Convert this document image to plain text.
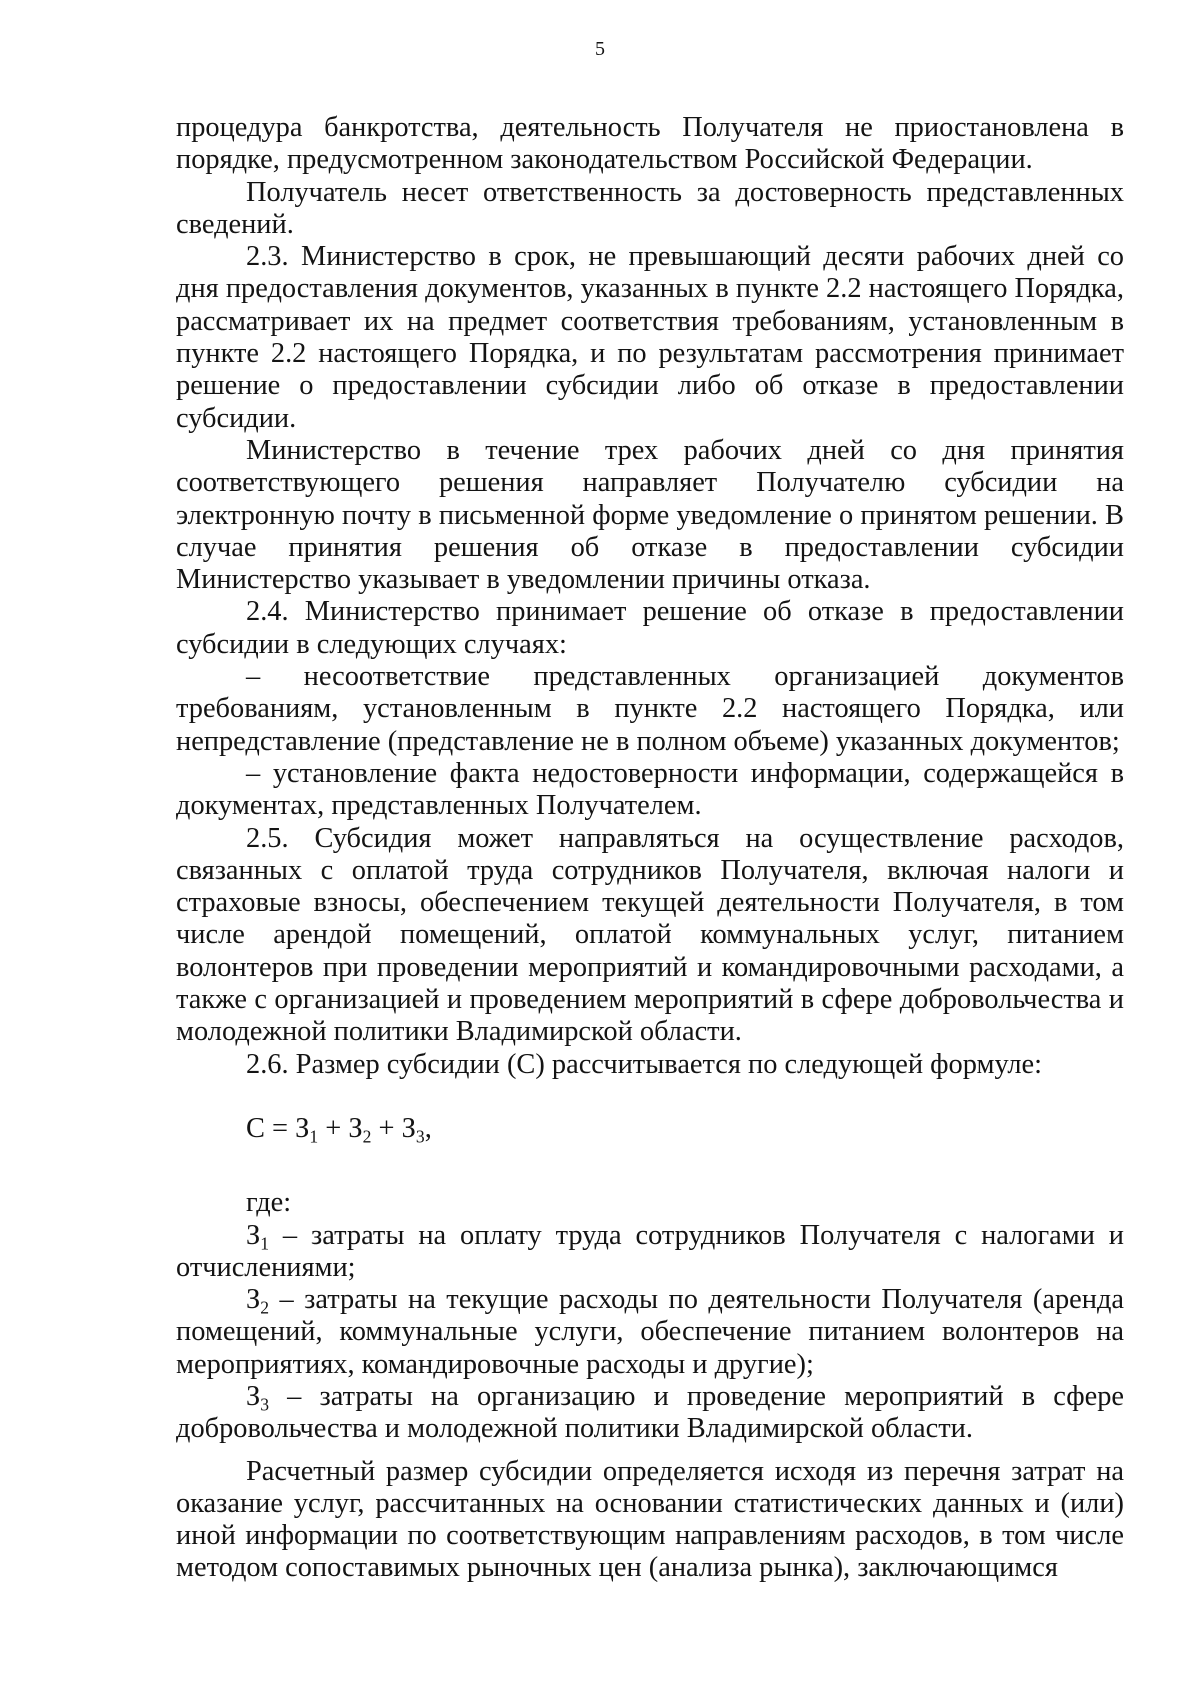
5

процедура банкротства, деятельность Получателя не приостановлена в порядке, предусмотренном законодательством Российской Федерации.

Получатель несет ответственность за достоверность представленных сведений.

2.3. Министерство в срок, не превышающий десяти рабочих дней со дня предоставления документов, указанных в пункте 2.2 настоящего Порядка, рассматривает их на предмет соответствия требованиям, установленным в пункте 2.2 настоящего Порядка, и по результатам рассмотрения принимает решение о предоставлении субсидии либо об отказе в предоставлении субсидии.

Министерство в течение трех рабочих дней со дня принятия соответствующего решения направляет Получателю субсидии на электронную почту в письменной форме уведомление о принятом решении. В случае принятия решения об отказе в предоставлении субсидии Министерство указывает в уведомлении причины отказа.

2.4. Министерство принимает решение об отказе в предоставлении субсидии в следующих случаях:

– несоответствие представленных организацией документов требованиям, установленным в пункте 2.2 настоящего Порядка, или непредставление (представление не в полном объеме) указанных документов;

– установление факта недостоверности информации, содержащейся в документах, представленных Получателем.

2.5. Субсидия может направляться на осуществление расходов, связанных с оплатой труда сотрудников Получателя, включая налоги и страховые взносы, обеспечением текущей деятельности Получателя, в том числе арендой помещений, оплатой коммунальных услуг, питанием волонтеров при проведении мероприятий и командировочными расходами, а также с организацией и проведением мероприятий в сфере добровольчества и молодежной политики Владимирской области.

2.6. Размер субсидии (С) рассчитывается по следующей формуле:

$С = З_1 + З_2 + З_3$,

где:

$З_1$ – затраты на оплату труда сотрудников Получателя с налогами и отчислениями;

$З_2$ – затраты на текущие расходы по деятельности Получателя (аренда помещений, коммунальные услуги, обеспечение питанием волонтеров на мероприятиях, командировочные расходы и другие);

$З_3$ – затраты на организацию и проведение мероприятий в сфере добровольчества и молодежной политики Владимирской области.

Расчетный размер субсидии определяется исходя из перечня затрат на оказание услуг, рассчитанных на основании статистических данных и (или) иной информации по соответствующим направлениям расходов, в том числе методом сопоставимых рыночных цен (анализа рынка), заключающимся
